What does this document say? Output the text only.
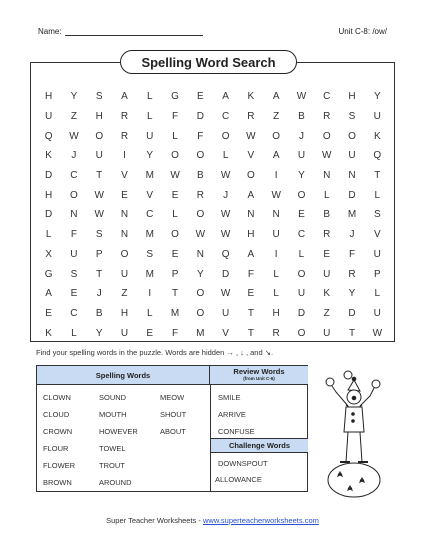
Name:	Unit C-8: /ow/
Spelling Word Search
H	Y	S	A	L	G	E	A	K	A	W	C	H	Y
U	Z	H	R	L	F	D	C	R	Z	B	R	S	U
Q	W	O	R	U	L	F	O	W	O	J	O	O	K
K	J	U	I	Y	O	O	L	V	A	U	W	U	Q
D	C	T	V	M	W	B	W	O	I	Y	N	N	T
H	O	W	E	V	E	R	J	A	W	O	L	D	L
D	N	W	N	C	L	O	W	N	N	E	B	M	S
L	F	S	N	M	O	W	W	H	U	C	R	J	V
X	U	P	O	S	E	N	Q	A	I	L	E	F	U
G	S	T	U	M	P	Y	D	F	L	O	U	R	P
A	E	J	Z	I	T	O	W	E	L	U	K	Y	L
E	C	B	H	L	M	O	U	T	H	D	Z	D	U
K	L	Y	U	E	F	M	V	T	R	O	U	T	W
Find your spelling words in the puzzle. Words are hidden → , ↓ , and ↘.
Spelling Words	Review Words
(from Unit C-6)
CLOWN
CLOUD
CROWN
FLOUR
FLOWER
BROWN
SOUND
MOUTH
HOWEVER
TOWEL
TROUT
AROUND
MEOW
SHOUT
ABOUT
SMILE
ARRIVE
CONFUSE
Challenge Words
DOWNSPOUT
ALLOWANCE
Super Teacher Worksheets - www.superteacherworksheets.com
